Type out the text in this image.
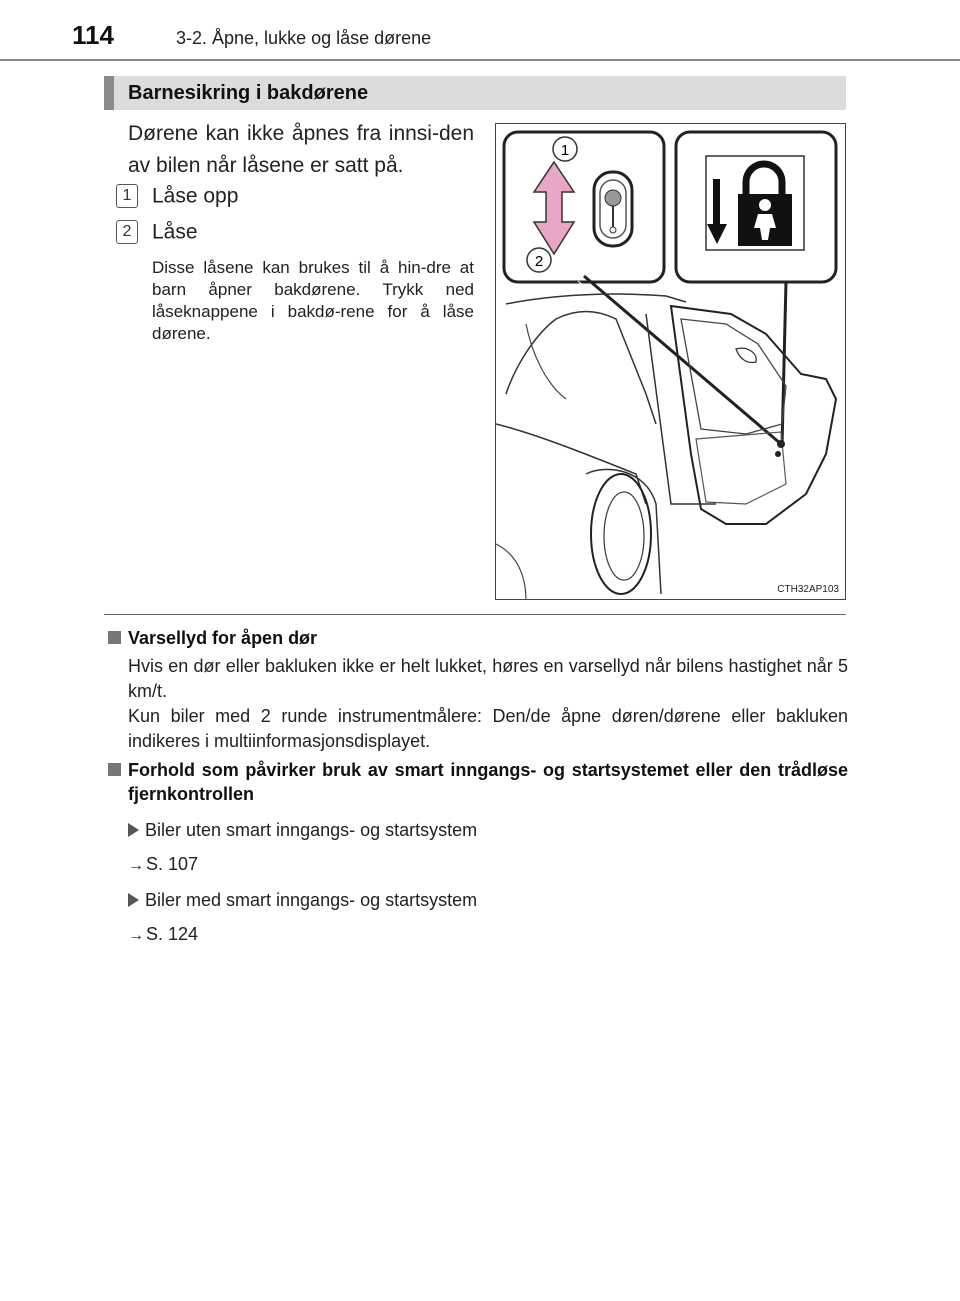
114	3-2. Åpne, lukke og låse dørene
Barnesikring i bakdørene
Dørene kan ikke åpnes fra innsi-den av bilen når låsene er satt på.
1 Låse opp
2 Låse
Disse låsene kan brukes til å hin-dre at barn åpner bakdørene. Trykk ned låseknappene i bakdø-rene for å låse dørene.
1
2
CTH32AP103
Varsellyd for åpen dør
Hvis en dør eller bakluken ikke er helt lukket, høres en varsellyd når bilens hastighet når 5 km/t.
Kun biler med 2 runde instrumentmålere: Den/de åpne døren/dørene eller bakluken indikeres i multiinformasjonsdisplayet.
Forhold som påvirker bruk av smart inngangs- og startsystemet eller den trådløse fjernkontrollen
Biler uten smart inngangs- og startsystem
→ S. 107
Biler med smart inngangs- og startsystem
→ S. 124
